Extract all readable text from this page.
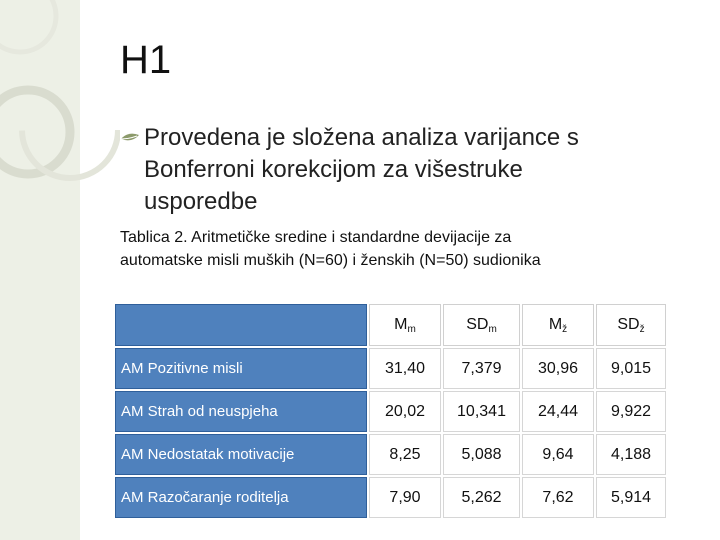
H1
Provedena je složena analiza varijance s
Bonferroni korekcijom za višestruke
usporedbe
Tablica 2. Aritmetičke sredine i standardne devijacije za
automatske misli muških (N=60) i ženskih (N=50) sudionika
	$M_m$	$SD_m$	$M_ž$	$SD_ž$
AM Pozitivne misli	31,40	7,379	30,96	9,015
AM Strah od neuspjeha	20,02	10,341	24,44	9,922
AM Nedostatak motivacije	8,25	5,088	9,64	4,188
AM Razočaranje roditelja	7,90	5,262	7,62	5,914
